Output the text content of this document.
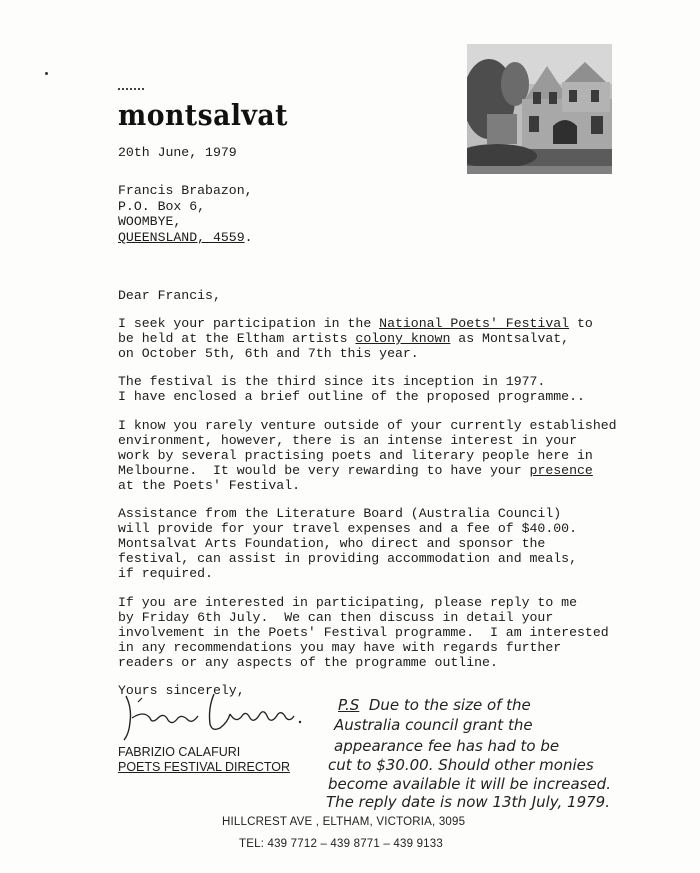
montsalvat
20th June, 1979
Francis Brabazon,
P.O. Box 6,
WOOMBYE,
QUEENSLAND, 4559.
Dear Francis,
I seek your participation in the National Poets' Festival to
be held at the Eltham artists colony known as Montsalvat,
on October 5th, 6th and 7th this year.
The festival is the third since its inception in 1977.
I have enclosed a brief outline of the proposed programme..
I know you rarely venture outside of your currently established
environment, however, there is an intense interest in your
work by several practising poets and literary people here in
Melbourne.  It would be very rewarding to have your presence
at the Poets' Festival.
Assistance from the Literature Board (Australia Council)
will provide for your travel expenses and a fee of $40.00.
Montsalvat Arts Foundation, who direct and sponsor the
festival, can assist in providing accommodation and meals,
if required.
If you are interested in participating, please reply to me
by Friday 6th July.  We can then discuss in detail your
involvement in the Poets' Festival programme.  I am interested
in any recommendations you may have with regards further
readers or any aspects of the programme outline.
Yours sincerely,
FABRIZIO CALAFURI
POETS FESTIVAL DIRECTOR
P.S Due to the size of the
Australia council grant the
appearance fee has had to be
cut to $30.00. Should other monies
become available it will be increased.
The reply date is now 13th July, 1979.
HILLCREST AVE , ELTHAM, VICTORIA, 3095
TEL: 439 7712 – 439 8771 – 439 9133
